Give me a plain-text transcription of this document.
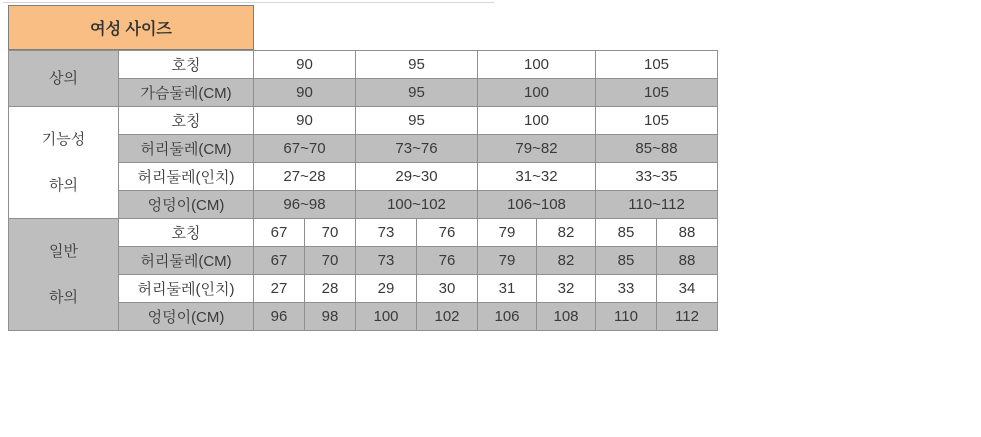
여성 사이즈
상의	호칭	90		95		100		105	
	가슴둘레(CM)	90		95		100		105	

기능성
하의	호칭	90		95		100		105	
	허리둘레(CM)	67~70		73~76		79~82		85~88	
	허리둘레(인치)	27~28		29~30		31~32		33~35	
	엉덩이(CM)	96~98		100~102		106~108		110~112	

일반
하의	호칭	67	70	73	76	79	82	85	88
	허리둘레(CM)	67	70	73	76	79	82	85	88
	허리둘레(인치)	27	28	29	30	31	32	33	34
	엉덩이(CM)	96	98	100	102	106	108	110	112
